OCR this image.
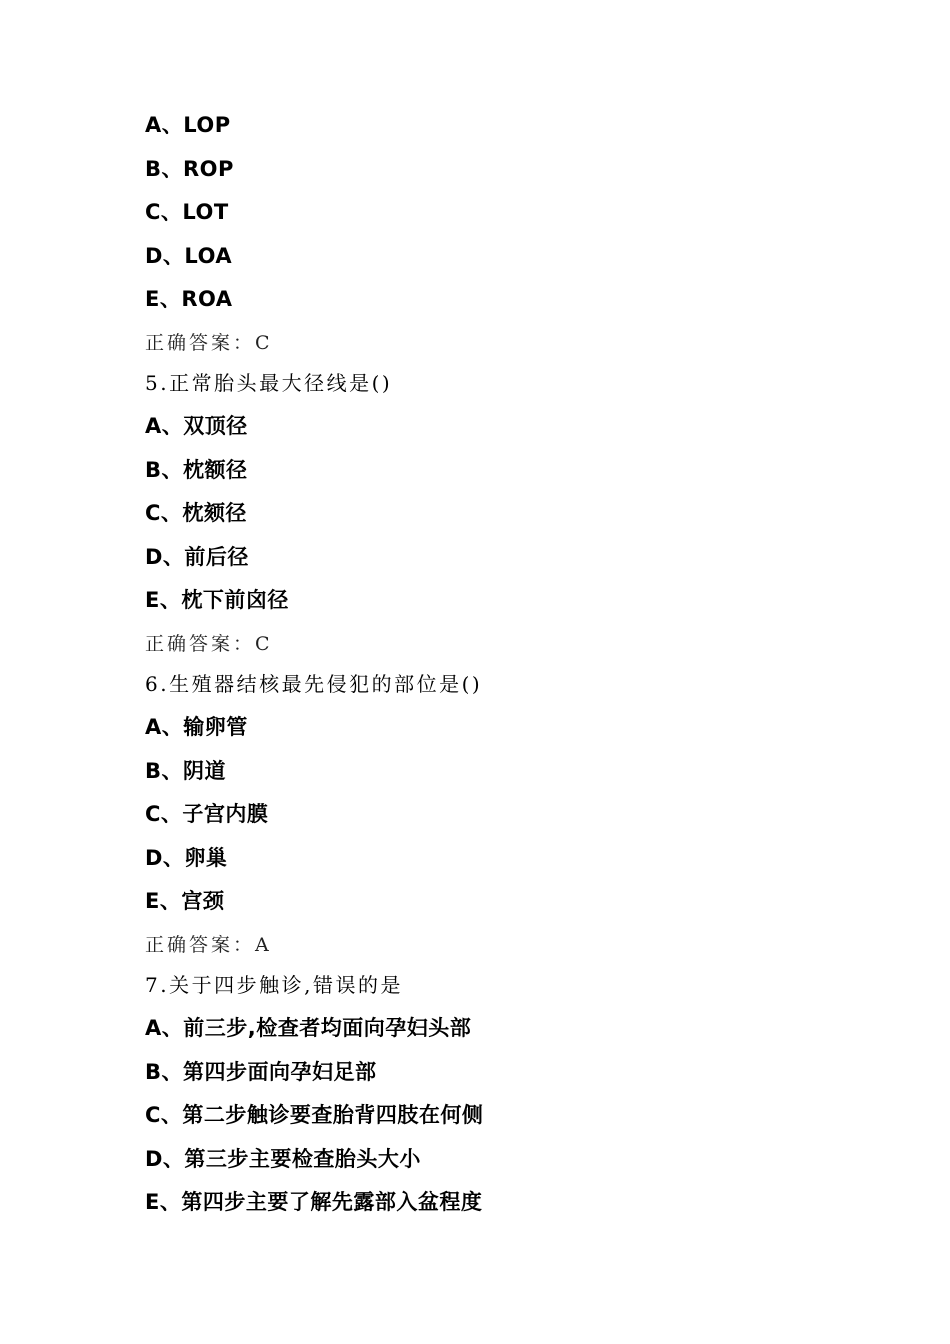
A、LOP
B、ROP
C、LOT
D、LOA
E、ROA
正确答案：C
5.正常胎头最大径线是()
A、双顶径
B、枕额径
C、枕颏径
D、前后径
E、枕下前囟径
正确答案：C
6.生殖器结核最先侵犯的部位是()
A、输卵管
B、阴道
C、子宫内膜
D、卵巢
E、宫颈
正确答案：A
7.关于四步触诊,错误的是
A、前三步,检查者均面向孕妇头部
B、第四步面向孕妇足部
C、第二步触诊要查胎背四肢在何侧
D、第三步主要检查胎头大小
E、第四步主要了解先露部入盆程度
